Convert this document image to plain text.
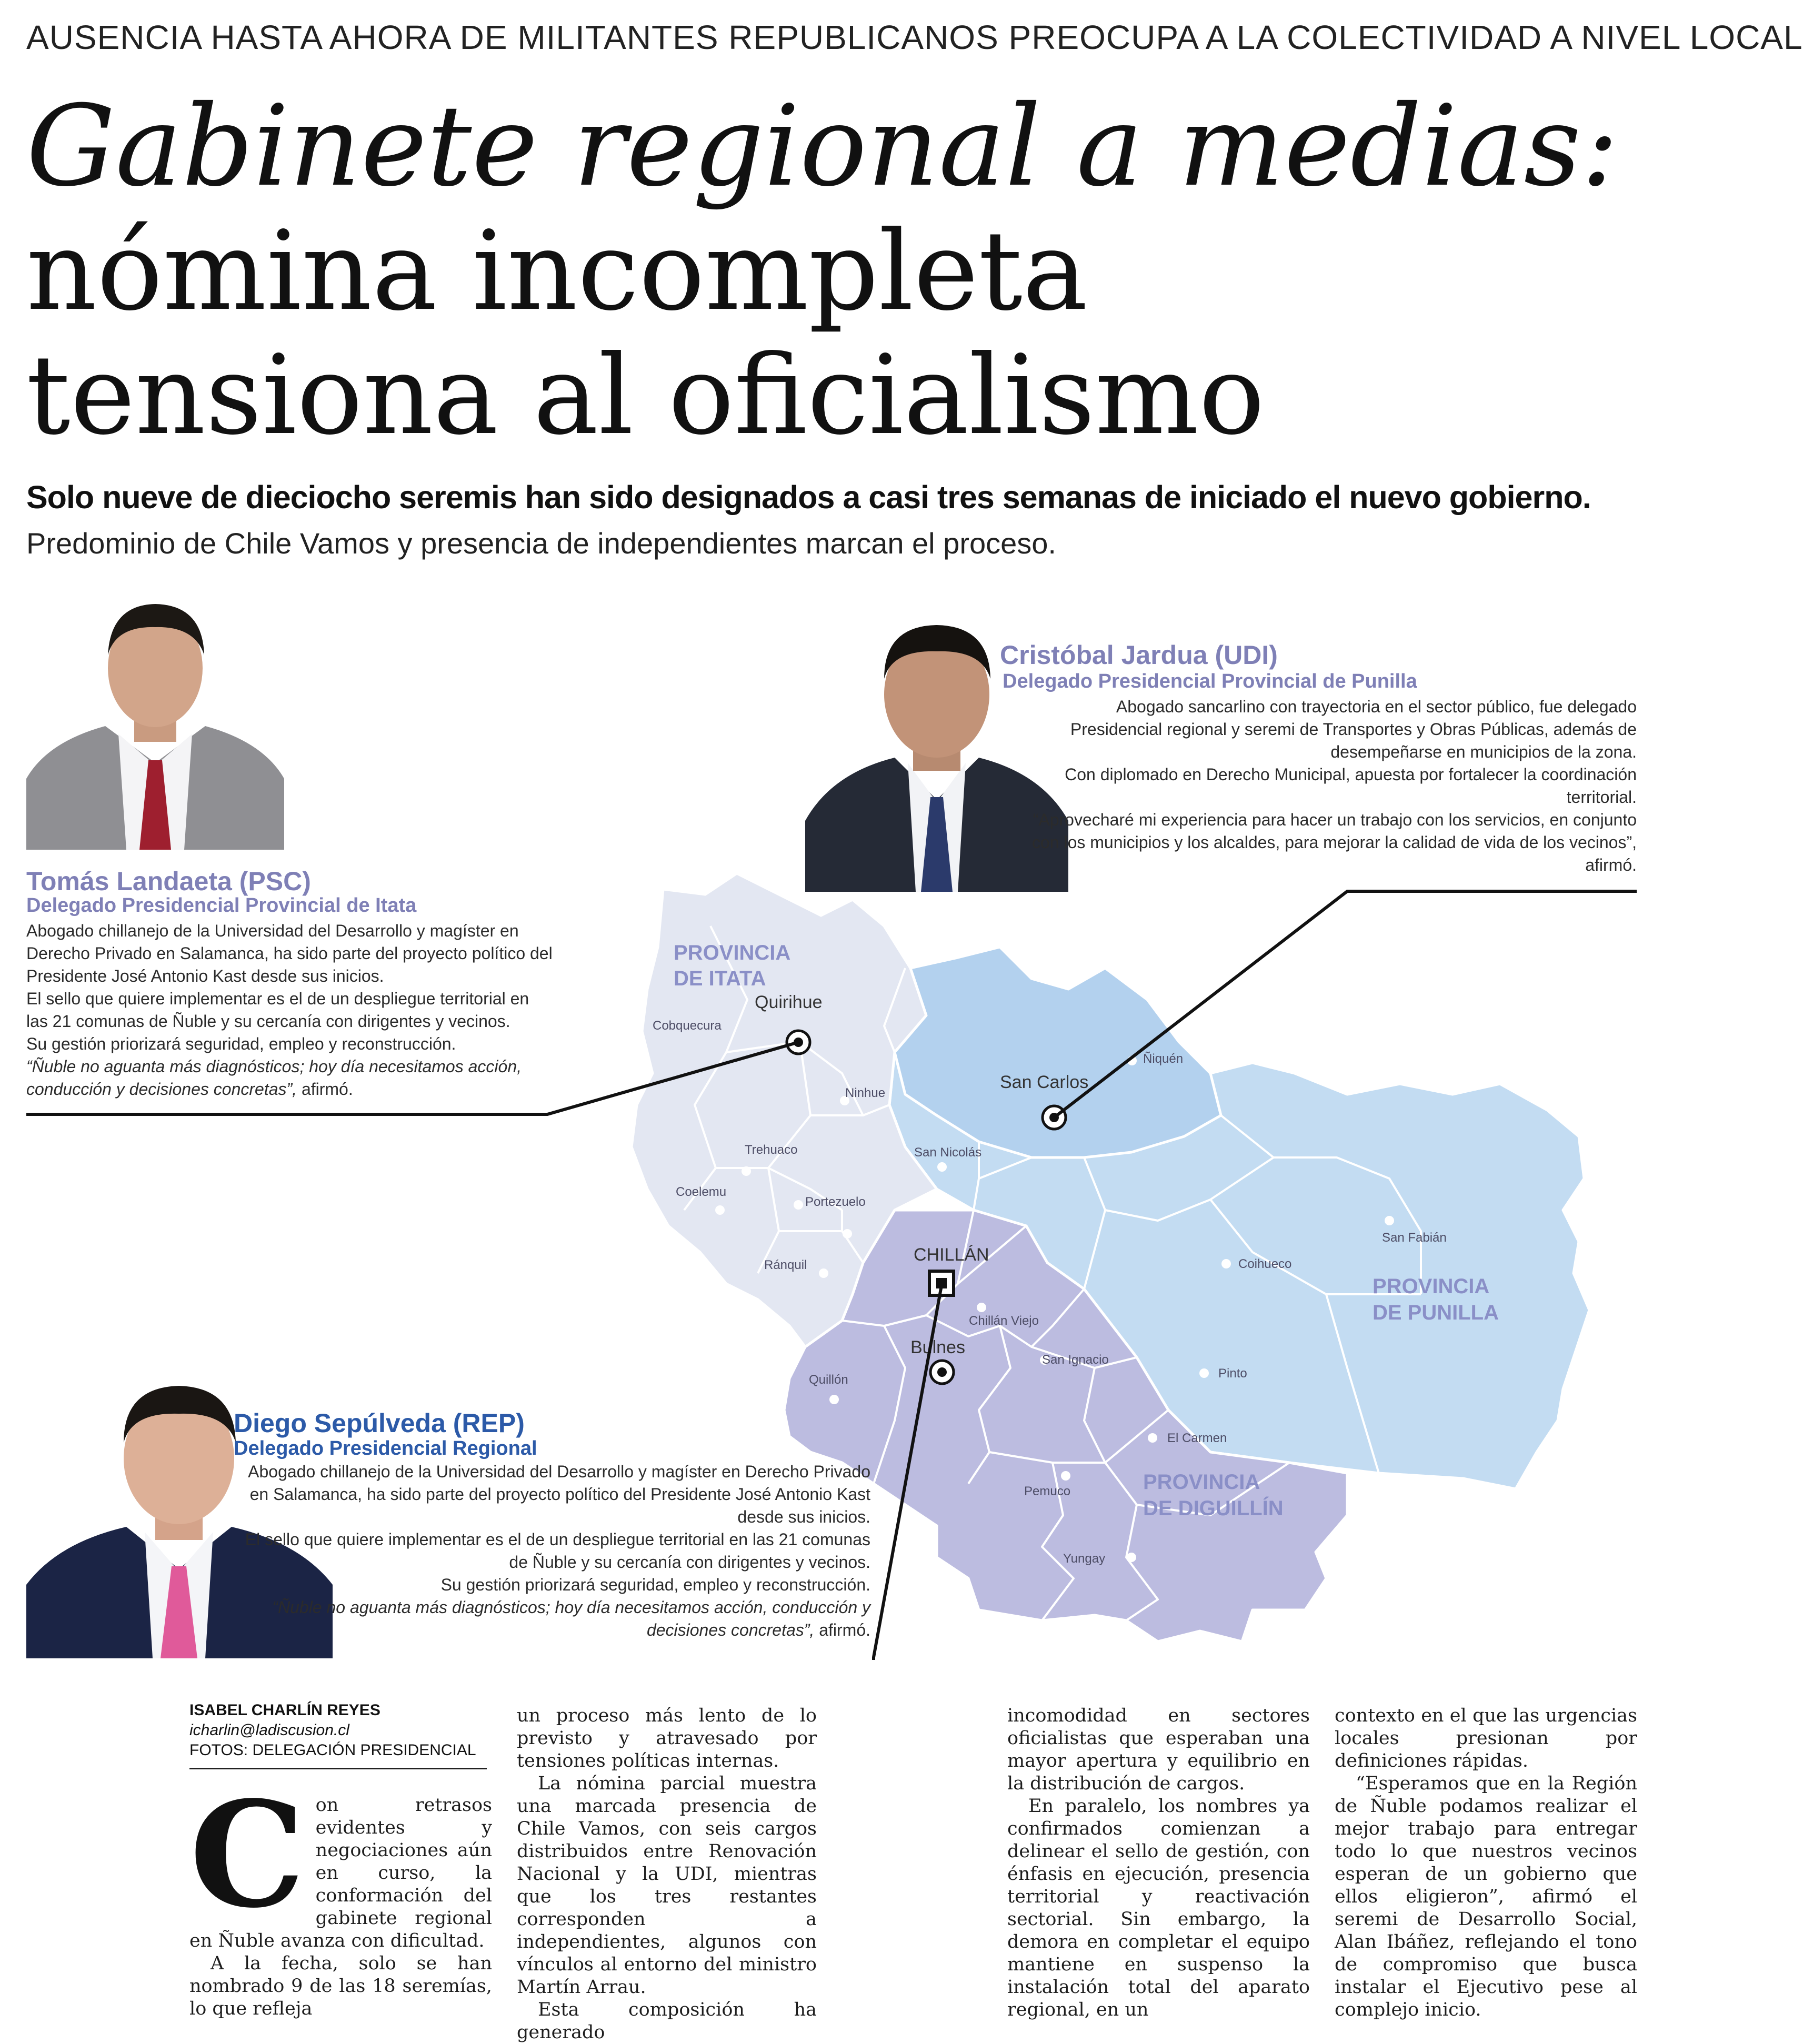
AUSENCIA HASTA AHORA DE MILITANTES REPUBLICANOS PREOCUPA A LA COLECTIVIDAD A NIVEL LOCAL
Gabinete regional a medias:
nómina incompleta
tensiona al oficialismo
Solo nueve de dieciocho seremis han sido designados a casi tres semanas de iniciado el nuevo gobierno.
Predominio de Chile Vamos y presencia de independientes marcan el proceso.
PROVINCIA
DE ITATA
PROVINCIA
DE PUNILLA
PROVINCIA
DE DIGUILLÍN
Cobquecura
Ninhue
Trehuaco
Coelemu
Portezuelo
Ránquil
Quillón
Ñiquén
San Nicolás
Chillán Viejo
San Ignacio
Coihueco
San Fabián
Pinto
El Carmen
Pemuco
Yungay
Quirihue
San Carlos
CHILLÁN
Bulnes
Tomás Landaeta (PSC)
Delegado Presidencial Provincial de Itata

Abogado chillanejo de la Universidad del Desarrollo y magíster en Derecho Privado en Salamanca, ha sido parte del proyecto político del Presidente José Antonio Kast desde sus inicios.

El sello que quiere implementar es el de un despliegue territorial en las 21 comunas de Ñuble y su cercanía con dirigentes y vecinos.

Su gestión priorizará seguridad, empleo y reconstrucción.

“Ñuble no aguanta más diagnósticos; hoy día necesitamos acción, conducción y decisiones concretas”, afirmó.

Cristóbal Jardua (UDI)
Delegado Presidencial Provincial de Punilla

Abogado sancarlino con trayectoria en el sector público, fue delegado Presidencial regional y seremi de Transportes y Obras Públicas, además de desempeñarse en municipios de la zona.

Con diplomado en Derecho Municipal, apuesta por fortalecer la coordinación territorial.

“Aprovecharé mi experiencia para hacer un trabajo con los servicios, en conjunto con los municipios y los alcaldes, para mejorar la calidad de vida de los vecinos”, afirmó.

Diego Sepúlveda (REP)
Delegado Presidencial Regional

Abogado chillanejo de la Universidad del Desarrollo y magíster en Derecho Privado en Salamanca, ha sido parte del proyecto político del Presidente José Antonio Kast desde sus inicios.

El sello que quiere implementar es el de un despliegue territorial en las 21 comunas de Ñuble y su cercanía con dirigentes y vecinos.

Su gestión priorizará seguridad, empleo y reconstrucción.

“Ñuble no aguanta más diagnósticos; hoy día necesitamos acción, conducción y decisiones concretas”, afirmó.

ISABEL CHARLÍN REYES
icharlin@ladiscusion.cl
FOTOS: DELEGACIÓN PRESIDENCIAL
C on retrasos evidentes y negociaciones aún en curso, la conformación del gabinete regional en Ñuble avanza con dificultad.

A la fecha, solo se han nombrado 9 de las 18 seremías, lo que refleja

un proceso más lento de lo previsto y atravesado por tensiones políticas internas.

La nómina parcial muestra una marcada presencia de Chile Vamos, con seis cargos distribuidos entre Renovación Nacional y la UDI, mientras que los tres restantes corresponden a independientes, algunos con vínculos al entorno del ministro Martín Arrau.

Esta composición ha generado

incomodidad en sectores oficialistas que esperaban una mayor apertura y equilibrio en la distribución de cargos.

En paralelo, los nombres ya confirmados comienzan a delinear el sello de gestión, con énfasis en ejecución, presencia territorial y reactivación sectorial. Sin embargo, la demora en completar el equipo mantiene en suspenso la instalación total del aparato regional, en un

contexto en el que las urgencias locales presionan por definiciones rápidas.

“Esperamos que en la Región de Ñuble podamos realizar el mejor trabajo para entregar todo lo que nuestros vecinos esperan de un gobierno que ellos eligieron”, afirmó el seremi de Desarrollo Social, Alan Ibáñez, reflejando el tono de compromiso que busca instalar el Ejecutivo pese al complejo inicio.
